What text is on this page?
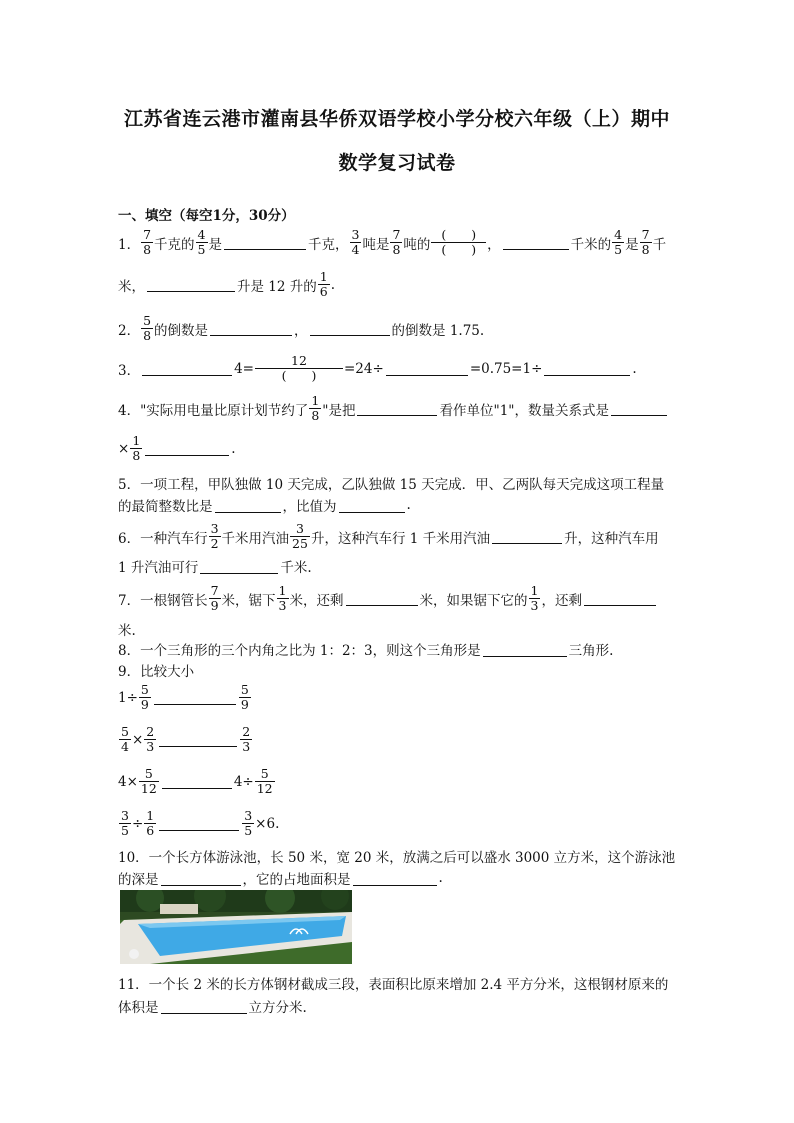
江苏省连云港市灌南县华侨双语学校小学分校六年级（上）期中
数学复习试卷
一、填空（每空1分，30分）
1． $\frac{7}{8}$ 千克的 $\frac{4}{5}$ 是	千克， $\frac{3}{4}$ 吨是 $\frac{7}{8}$ 吨的 $\frac{( )}{( )}$ ，	千米的 $\frac{4}{5}$ 是 $\frac{7}{8}$ 千
米，	升是 12 升的 $\frac{1}{6}$ .
2． $\frac{5}{8}$ 的倒数是	，	的倒数是 1.75.
3．	$4= \frac{12}{( )} =24\div$	=0.75=1÷	.
4． "实际用电量比原计划节约了 $\frac{1}{8}$ "是把	看作单位"1"，数量关系式是
× $\frac{1}{8}$	.
5．一项工程，甲队独做 10 天完成，乙队独做 15 天完成．甲、乙两队每天完成这项工程量
的最简整数比是	，比值为	.
6． 一种汽车行 $\frac{3}{2}$ 千米用汽油 $\frac{3}{25}$ 升，这种汽车行 1 千米用汽油	升，这种汽车用
1 升汽油可行	千米.
7． 一根钢管长 $\frac{7}{9}$ 米，锯下 $\frac{1}{3}$ 米，还剩	米，如果锯下它的 $\frac{1}{3}$ ，还剩
米.
8．一个三角形的三个内角之比为 1：2：3，则这个三角形是	三角形.
9．比较大小
$1\div \frac{5}{9}$	$\frac{5}{9}$
$\frac{5}{4} \times \frac{2}{3}$	$\frac{2}{3}$
$4\times \frac{5}{12}$	$4\div \frac{5}{12}$
$\frac{3}{5} \div \frac{1}{6}$	$\frac{3}{5} \times 6$.
10．一个长方体游泳池，长 50 米，宽 20 米，放满之后可以盛水 3000 立方米，这个游泳池
的深是	，它的占地面积是	.
11．一个长 2 米的长方体钢材截成三段，表面积比原来增加 2.4 平方分米，这根钢材原来的
体积是	立方分米.
